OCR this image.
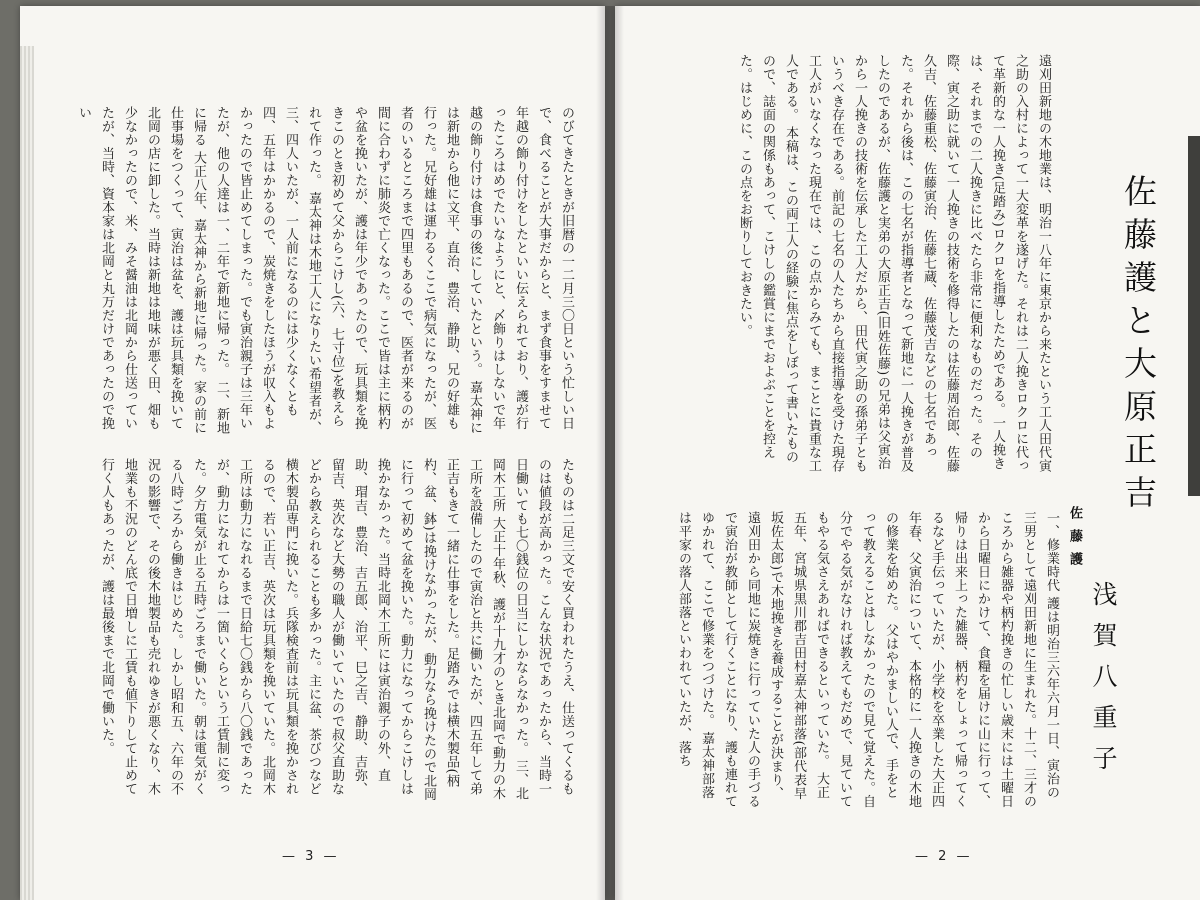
のびてきたときが旧暦の一二月三〇日という忙しい日で、食べることが大事だからと、まず食事をすませて年越の飾り付けをしたといい伝えられており、護が行ったころはめでたいなようにと、〆飾りはしないで年越の飾り付けは食事の後にしていたという。 嘉太神には新地から他に文平、直治、豊治、静助、兄の好雄も行った。兄好雄は運わるくここで病気になったが、医者のいるところまで四里もあるので、医者が来るのが間に合わずに肺炎で亡くなった。ここで皆は主に柄杓や盆を挽いたが、護は年少であったので、玩具類を挽きこのとき初めて父からこけし(六、七寸位)を教えられて作った。 嘉太神は木地工人になりたい希望者が、三、四人いたが、一人前になるのには少くなくとも四、五年はかかるので、炭焼きをしたほうが収入もよかったので皆止めてしまった。でも寅治親子は三年いたが、他の人達は一、二年で新地に帰った。 二、新地に帰る 大正八年、嘉太神から新地に帰った。家の前に仕事場をつくって、寅治は盆を、護は玩具類を挽いて北岡の店に卸した。当時は新地は地味が悪く田、畑も少なかったので、米、みそ醤油は北岡から仕送っていたが、当時、資本家は北岡と丸万だけであったので挽い
たものは二足三文で安く買われたうえ、仕送ってくるものは値段が高かった。こんな状況であったから、当時一日働いても七〇銭位の日当にしかならなかった。 三、北岡木工所 大正十年秋、護が十九才のとき北岡で動力の木工所を設備したので寅治と共に働いたが、四五年して弟正吉もきて一緒に仕事をした。足踏みでは横木製品(柄杓、盆、鉢)は挽けなかったが、動力なら挽けたので北岡に行って初めて盆を挽いた。動力になってからこけしは挽かなかった。当時北岡木工所には寅治親子の外、直助、瑁吉、豊治、吉五郎、治平、巳之吉、静助、吉弥、留吉、英次など大勢の職人が働いていたので叔父直助などから教えられることも多かった。主に盆、茶びつなど横木製品専門に挽いた。兵隊検査前は玩具類を挽かされるので、若い正吉、英次は玩具類を挽いていた。北岡木工所は動力になれるまで日給七〇銭から八〇銭であったが、動力になれてからは一箇いくらという工賃制に変った。夕方電気が止る五時ごろまで働いた。朝は電気がくる八時ごろから働きはじめた。しかし昭和五、六年の不況の影響で、その後木地製品も売れゆきが悪くなり、木地業も不況のどん底で日増しに工賃も値下りして止めて行く人もあったが、護は最後まで北岡で働いた。
— 3 —
佐藤護と大原正吉
浅賀八重子
遠刈田新地の木地業は、明治一八年に東京から来たという工人田代寅之助の入村によって一大変革を遂げた。それは二人挽きロクロに代って革新的な一人挽き(足踏み)ロクロを指導したためである。一人挽きは、それまでの二人挽きに比べたら非常に便利なものだった。その際、寅之助に就いて一人挽きの技術を修得したのは佐藤周治郎、佐藤久吉、佐藤重松、佐藤寅治、佐藤七蔵、佐藤茂吉などの七名であった。それから後は、この七名が指導者となって新地に一人挽きが普及したのであるが、佐藤護と実弟の大原正吉(旧姓佐藤)の兄弟は父寅治から一人挽きの技術を伝承した工人だから、田代寅之助の孫弟子ともいうべき存在である。前記の七名の人たちから直接指導を受けた現存工人がいなくなった現在では、この点からみても、まことに貴重な工人である。 本稿は、この両工人の経験に焦点をしぼって書いたものので、誌面の関係もあって、こけしの鑑賞にまでおよぶことを控えた。はじめに、この点をお断りしておきたい。
佐藤護
一、修業時代 護は明治三六年六月一日、寅治の三男として遠刈田新地に生まれた。十二、三才のころから雑器や柄杓挽きの忙しい歳末には土曜日から日曜日にかけて、食糧を届けに山に行って、帰りは出来上った雑器、柄杓をしょって帰ってくるなど手伝っていたが、小学校を卒業した大正四年春、父寅治について、本格的に一人挽きの木地の修業を始めた。 父はやかましい人で、手をとって教えることはしなかったので見て覚えた。自分でやる気がなければ教えてもだめで、見ていてもやる気さえあればできるといっていた。 大正五年、宮城県黒川郡吉田村嘉太神部落(部代表早坂佐太郎)で木地挽きを養成することが決まり、遠刈田から同地に炭焼きに行っていた人の手づるで寅治が教師として行くことになり、護も連れてゆかれて、ここで修業をつづけた。 嘉太神部落は平家の落人部落といわれていたが、落ち
— 2 —
